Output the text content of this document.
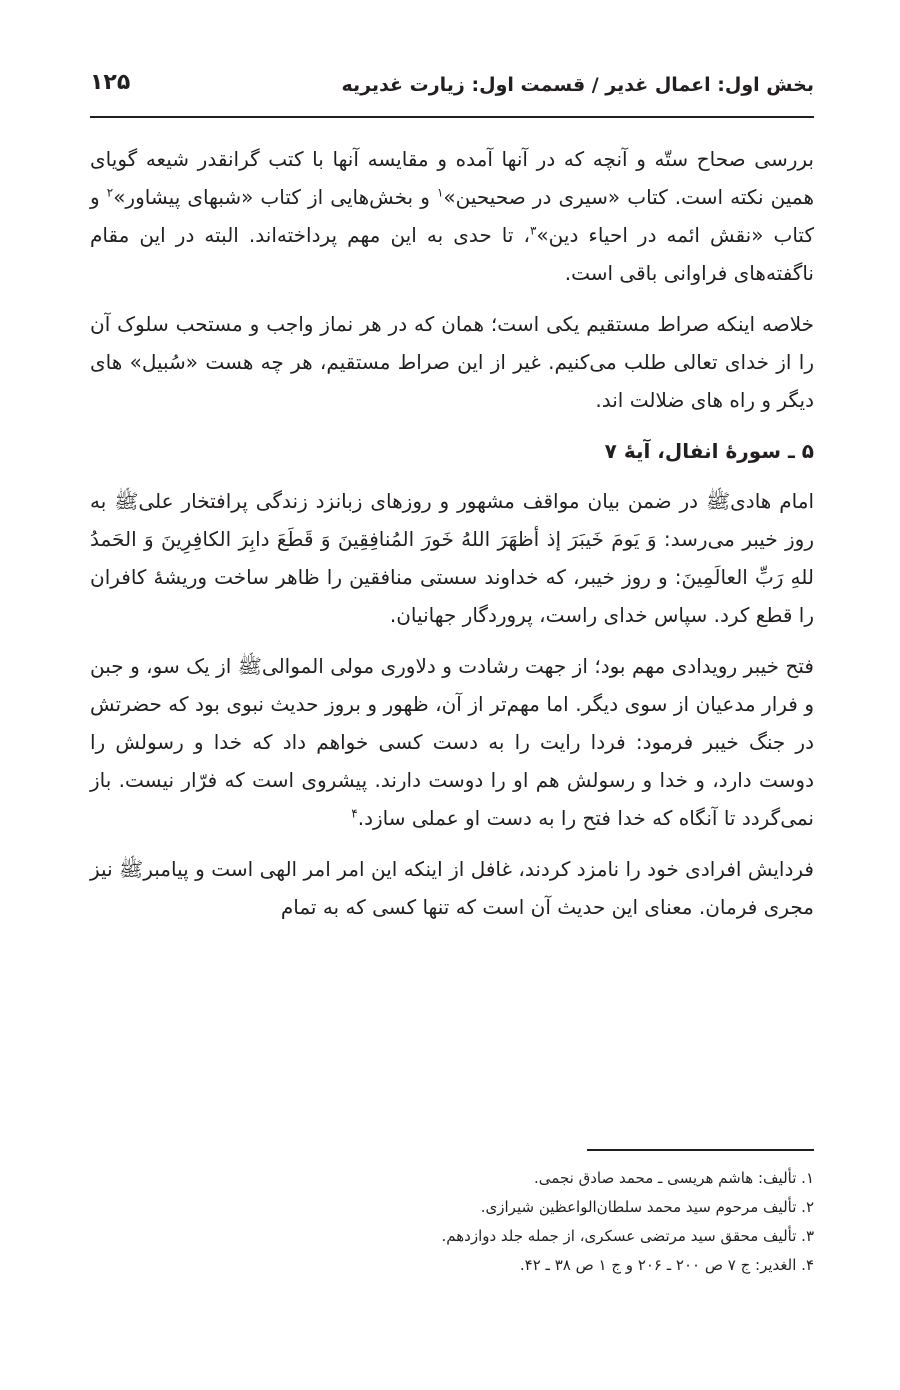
بخش اول: اعمال غدیر / قسمت اول: زیارت غدیریه
۱۲۵

بررسی صحاح ستّه و آنچه که در آنها آمده و مقایسه آنها با کتب گرانقدر شیعه گویای همین نکته است. کتاب «سیری در صحیحین»$^۱$ و بخش‌هایی از کتاب «شبهای پیشاور»$^۲$ و کتاب «نقش ائمه در احیاء دین»$^۳$، تا حدی به این مهم پرداخته‌اند. البته در این مقام ناگفته‌های فراوانی باقی است.

خلاصه اینکه صراط مستقیم یکی است؛ همان که در هر نماز واجب و مستحب سلوک آن را از خدای تعالی طلب می‌کنیم. غیر از این صراط مستقیم، هر چه هست «سُبیل» های دیگر و راه های ضلالت اند.

۵ ـ سورهٔ انفال، آیهٔ ۷

امام هادیﷺ در ضمن بیان مواقف مشهور و روزهای زبانزد زندگی پرافتخار علیﷺ به روز خیبر می‌رسد: وَ یَومَ خَیبَرَ إذ أظهَرَ اللهُ خَورَ المُنافِقِینَ وَ قَطَعَ دابِرَ الکافِرِینَ وَ الحَمدُ للهِ رَبِّ العالَمِینَ: و روز خیبر، که خداوند سستی منافقین را ظاهر ساخت وریشهٔ کافران را قطع کرد. سپاس خدای راست، پروردگار جهانیان.

فتح خیبر رویدادی مهم بود؛ از جهت رشادت و دلاوری مولی الموالیﷺ از یک سو، و جبن و فرار مدعیان از سوی دیگر. اما مهم‌تر از آن، ظهور و بروز حدیث نبوی بود که حضرتش در جنگ خیبر فرمود: فردا رایت را به دست کسی خواهم داد که خدا و رسولش را دوست دارد، و خدا و رسولش هم او را دوست دارند. پیشروی است که فرّار نیست. باز نمی‌گردد تا آنگاه که خدا فتح را به دست او عملی سازد.$^۴$

فردایش افرادی خود را نامزد کردند، غافل از اینکه این امر امر الهی است و پیامبرﷺ نیز مجری فرمان. معنای این حدیث آن است که تنها کسی که به تمام

۱. تألیف: هاشم هریسی ـ محمد صادق نجمی.

۲. تألیف مرحوم سید محمد سلطان‌الواعظین شیرازی.

۳. تألیف محقق سید مرتضی عسکری، از جمله جلد دوازدهم.

۴. الغدیر: ج ۷ ص ۲۰۰ ـ ۲۰۶ و ج ۱ ص ۳۸ ـ ۴۲.
